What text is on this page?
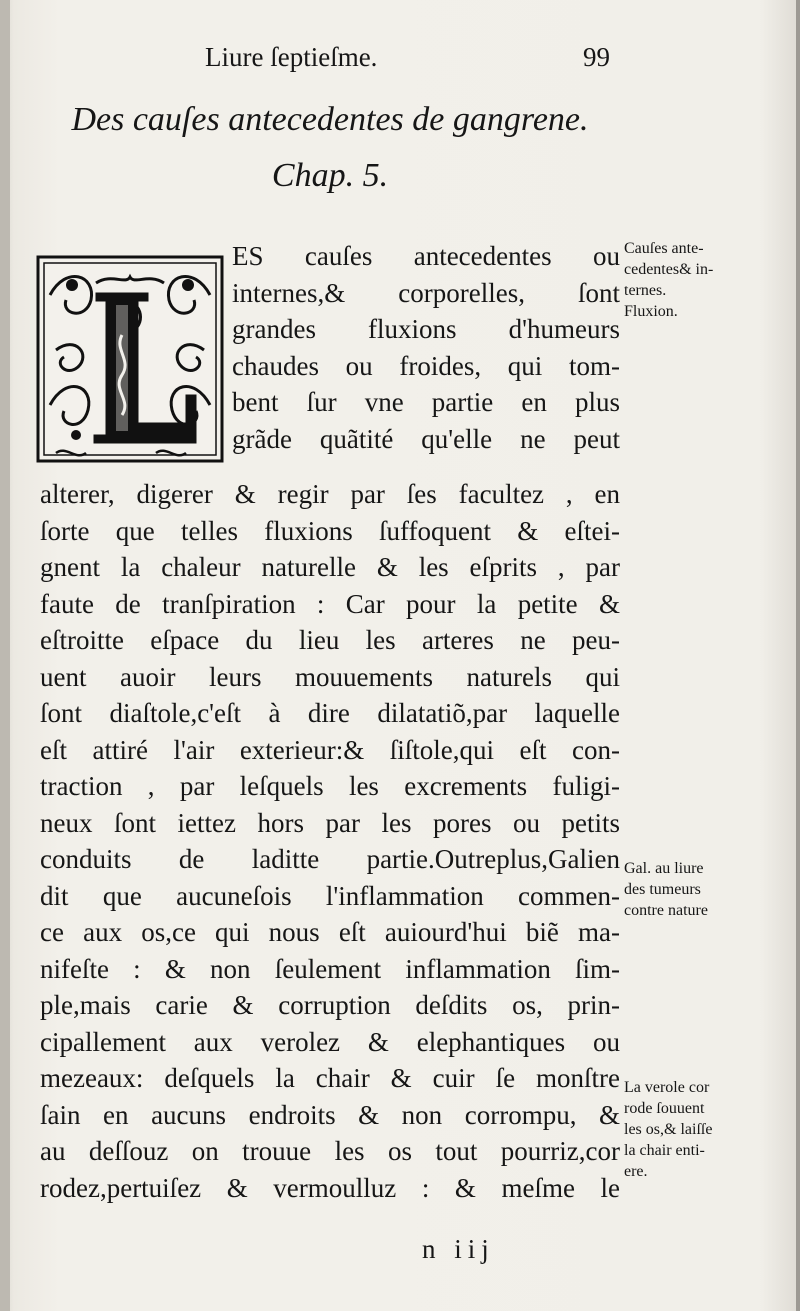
Liure ſeptieſme.	99
Des cauſes antecedentes de gangrene.
Chap. 5.
ES cauſes antecedentes ou
internes,& corporelles, ſont
grandes fluxions d'humeurs
chaudes ou froides, qui tom-
bent ſur vne partie en plus
grãde quãtité qu'elle ne peut
alterer, digerer & regir par ſes facultez , en
ſorte que telles fluxions ſuffoquent & eſtei-
gnent la chaleur naturelle & les eſprits , par
faute de tranſpiration : Car pour la petite &
eſtroitte eſpace du lieu les arteres ne peu-
uent auoir leurs mouuements naturels qui
ſont diaſtole,c'eſt à dire dilatatiõ,par laquelle
eſt attiré l'air exterieur:& ſiſtole,qui eſt con-
traction , par leſquels les excrements fuligi-
neux ſont iettez hors par les pores ou petits
conduits de laditte partie.Outreplus,Galien
dit que aucuneſois l'inflammation commen-
ce aux os,ce qui nous eſt auiourd'hui biẽ ma-
nifeſte : & non ſeulement inflammation ſim-
ple,mais carie & corruption deſdits os, prin-
cipallement aux verolez & elephantiques ou
mezeaux: deſquels la chair & cuir ſe monſtre
ſain en aucuns endroits & non corrompu, &
au deſſouz on trouue les os tout pourriz,cor
rodez,pertuiſez & vermoulluz : & meſme le
Cauſes ante-
cedentes& in-
ternes.
Fluxion.
Gal. au liure
des tumeurs
contre nature
La verole cor
rode ſouuent
les os,& laiſſe
la chair enti-
ere.
n iij
